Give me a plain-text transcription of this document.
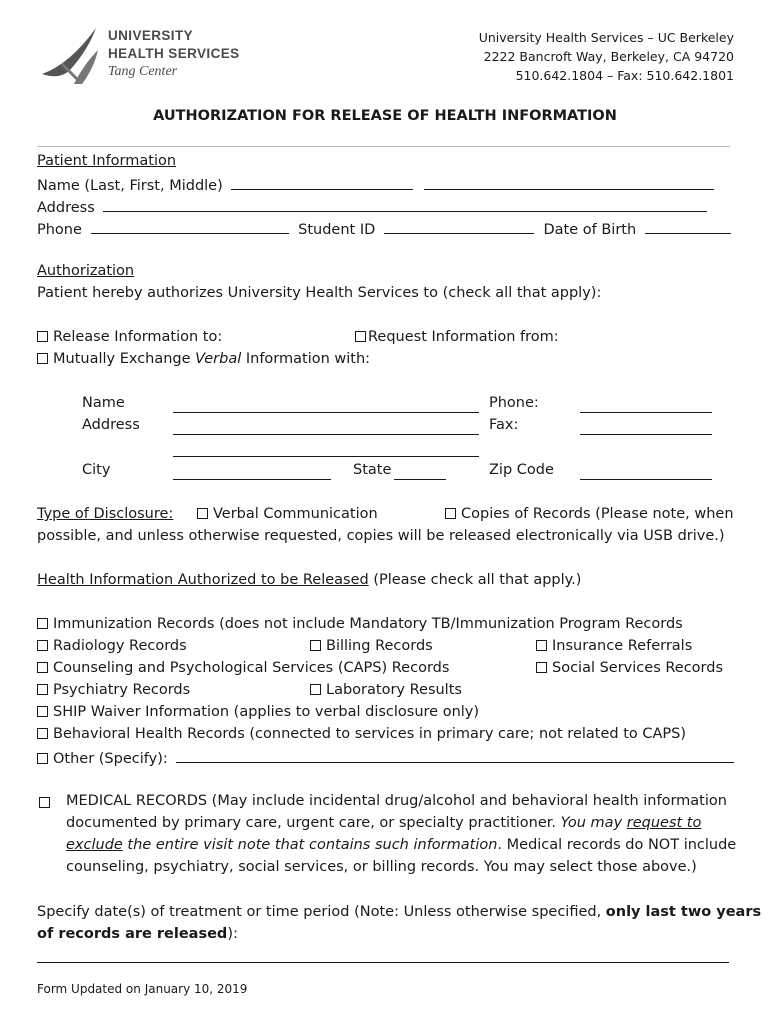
UNIVERSITY
HEALTH SERVICES
Tang Center
University Health Services – UC Berkeley
2222 Bancroft Way, Berkeley, CA 94720
510.642.1804 – Fax: 510.642.1801
AUTHORIZATION FOR RELEASE OF HEALTH INFORMATION
Patient Information
Name (Last, First, Middle)
Address
Phone	Student ID	Date of Birth
Authorization
Patient hereby authorizes University Health Services to (check all that apply):
Release Information to:	Request Information from:
Mutually Exchange Verbal Information with:
Name	Phone:
Address	Fax:
City	State	Zip Code
Type of Disclosure:	Verbal Communication	Copies of Records (Please note, when
possible, and unless otherwise requested, copies will be released electronically via USB drive.)
Health Information Authorized to be Released (Please check all that apply.)
Immunization Records (does not include Mandatory TB/Immunization Program Records
Radiology Records	Billing Records	Insurance Referrals
Counseling and Psychological Services (CAPS) Records	Social Services Records
Psychiatry Records	Laboratory Results
SHIP Waiver Information (applies to verbal disclosure only)
Behavioral Health Records (connected to services in primary care; not related to CAPS)
Other (Specify):
MEDICAL RECORDS (May include incidental drug/alcohol and behavioral health information
documented by primary care, urgent care, or specialty practitioner. You may request to
exclude the entire visit note that contains such information. Medical records do NOT include
counseling, psychiatry, social services, or billing records. You may select those above.)
Specify date(s) of treatment or time period (Note: Unless otherwise specified, only last two years
of records are released):
Form Updated on January 10, 2019
